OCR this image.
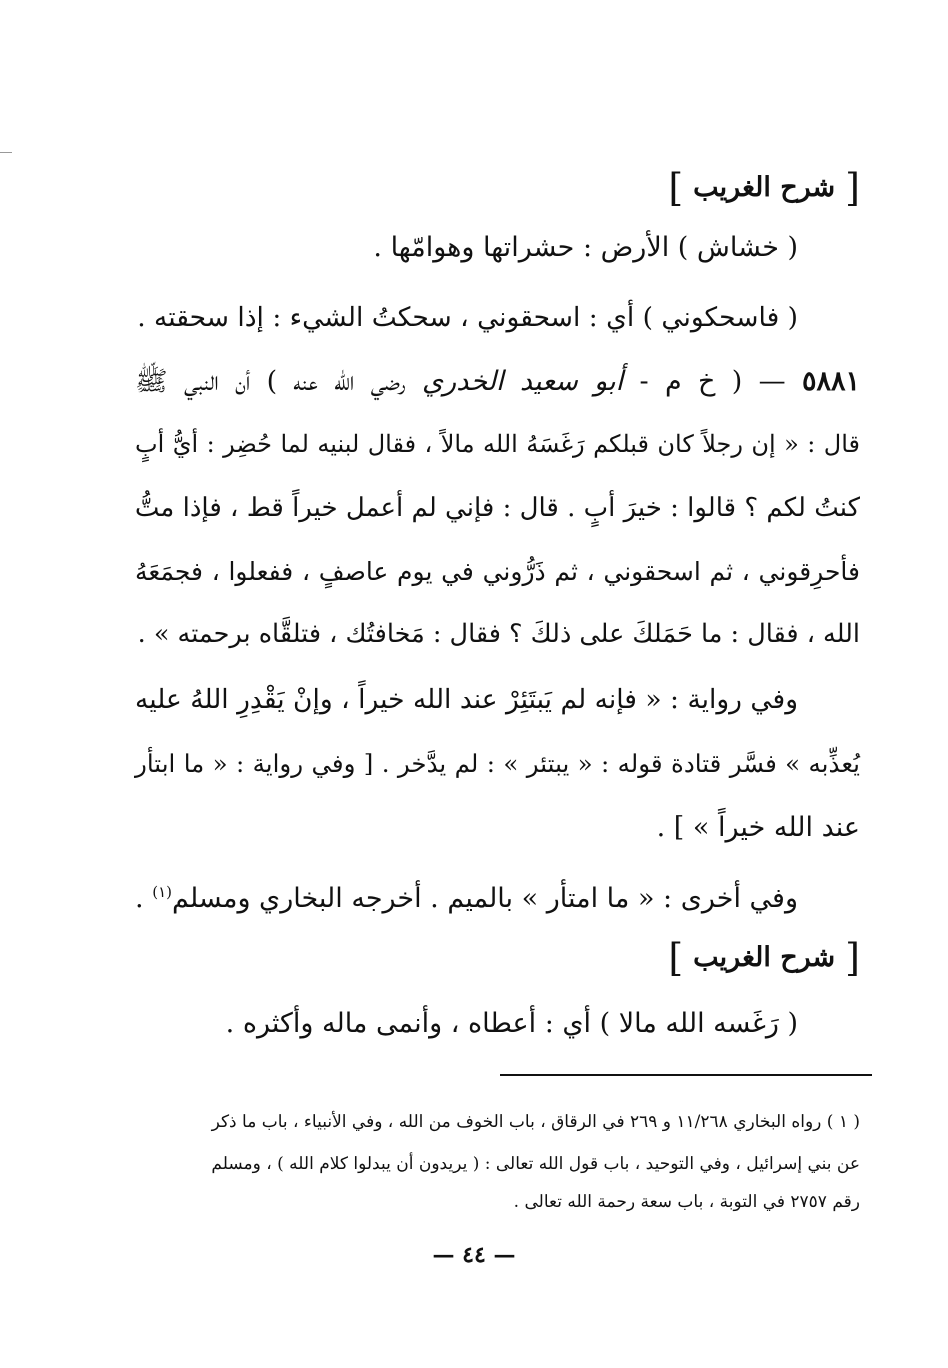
[
شرح الغريب
]
( خشاش ) الأرض : حشراتها وهوامّها .
( فاسحكوني ) أي : اسحقوني ، سحكتُ الشيء : إذا سحقته .
٥٨٨١ — ( خ م - أبو سعيد الخدري رضي الله عنه ) أن النبي ﷺ
قال : « إن رجلاً كان قبلكم رَغَسَهُ الله مالاً ، فقال لبنيه لما حُضِر : أيُّ أبٍ
كنتُ لكم ؟ قالوا : خيرَ أبٍ . قال : فإني لم أعمل خيراً قط ، فإذا متُّ
فأحرِقوني ، ثم اسحقوني ، ثم ذَرُّوني في يوم عاصفٍ ، ففعلوا ، فجمَعَهُ
الله ، فقال : ما حَمَلكَ على ذلكَ ؟ فقال : مَخافتُك ، فتلقَّاه برحمته » .
وفي رواية : « فإنه لم يَبتَئِرْ عند الله خيراً ، وإنْ يَقْدِرِ اللهُ عليه
يُعذِّبه » فسَّر قتادة قوله : « يبتئر » : لم يدَّخر . [ وفي رواية : « ما ابتأر
عند الله خيراً » ] .
وفي أخرى : « ما امتأر » بالميم . أخرجه البخاري ومسلم$^{(١)}$ .
[
شرح الغريب
]
( رَغَسه الله مالا ) أي : أعطاه ، وأنمى ماله وأكثره .
( ١ ) رواه البخاري ١١/٢٦٨ و ٢٦٩ في الرقاق ، باب الخوف من الله ، وفي الأنبياء ، باب ما ذكر
عن بني إسرائيل ، وفي التوحيد ، باب قول الله تعالى : ( يريدون أن يبدلوا كلام الله ) ، ومسلم
رقم ٢٧٥٧ في التوبة ، باب سعة رحمة الله تعالى .
— ٤٤ —
